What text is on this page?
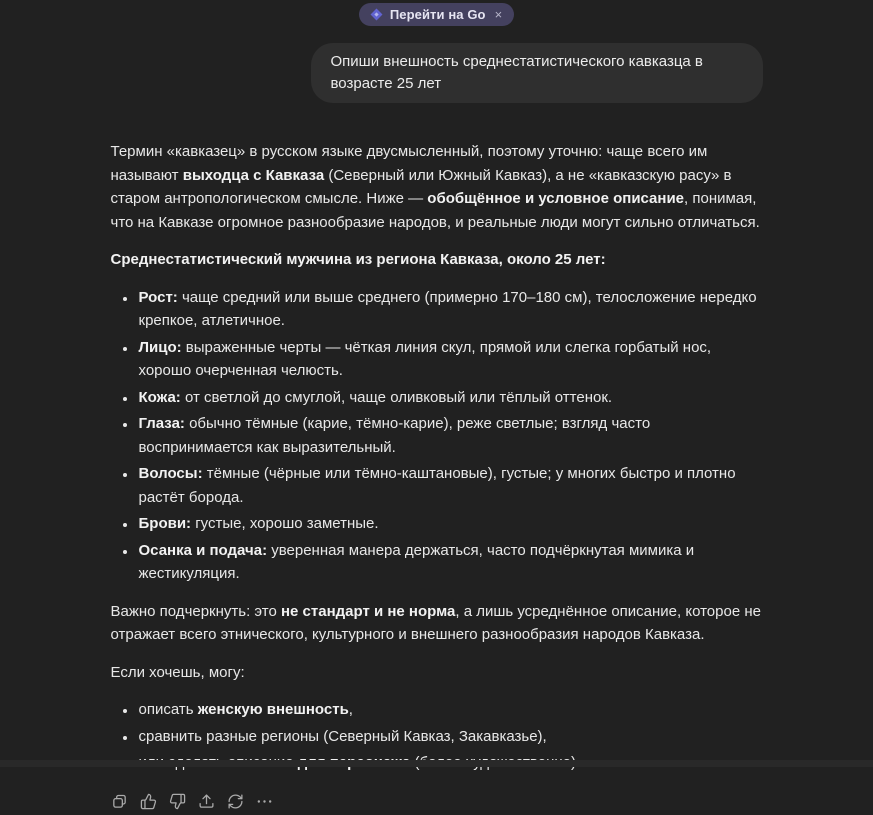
Перейти на Go ×
Опиши внешность среднестатистического кавказца в возрасте 25 лет

Термин «кавказец» в русском языке двусмысленный, поэтому уточню: чаще всего им называют выходца с Кавказа (Северный или Южный Кавказ), а не «кавказскую расу» в старом антропологическом смысле. Ниже — обобщённое и условное описание, понимая, что на Кавказе огромное разнообразие народов, и реальные люди могут сильно отличаться.

Среднестатистический мужчина из региона Кавказа, около 25 лет:

• Рост: чаще средний или выше среднего (примерно 170–180 см), телосложение нередко крепкое, атлетичное.
• Лицо: выраженные черты — чёткая линия скул, прямой или слегка горбатый нос, хорошо очерченная челюсть.
• Кожа: от светлой до смуглой, чаще оливковый или тёплый оттенок.
• Глаза: обычно тёмные (карие, тёмно-карие), реже светлые; взгляд часто воспринимается как выразительный.
• Волосы: тёмные (чёрные или тёмно-каштановые), густые; у многих быстро и плотно растёт борода.
• Брови: густые, хорошо заметные.
• Осанка и подача: уверенная манера держаться, часто подчёркнутая мимика и жестикуляция.

Важно подчеркнуть: это не стандарт и не норма, а лишь усреднённое описание, которое не отражает всего этнического, культурного и внешнего разнообразия народов Кавказа.

Если хочешь, могу:

• описать женскую внешность,
• сравнить разные регионы (Северный Кавказ, Закавказье),
•
